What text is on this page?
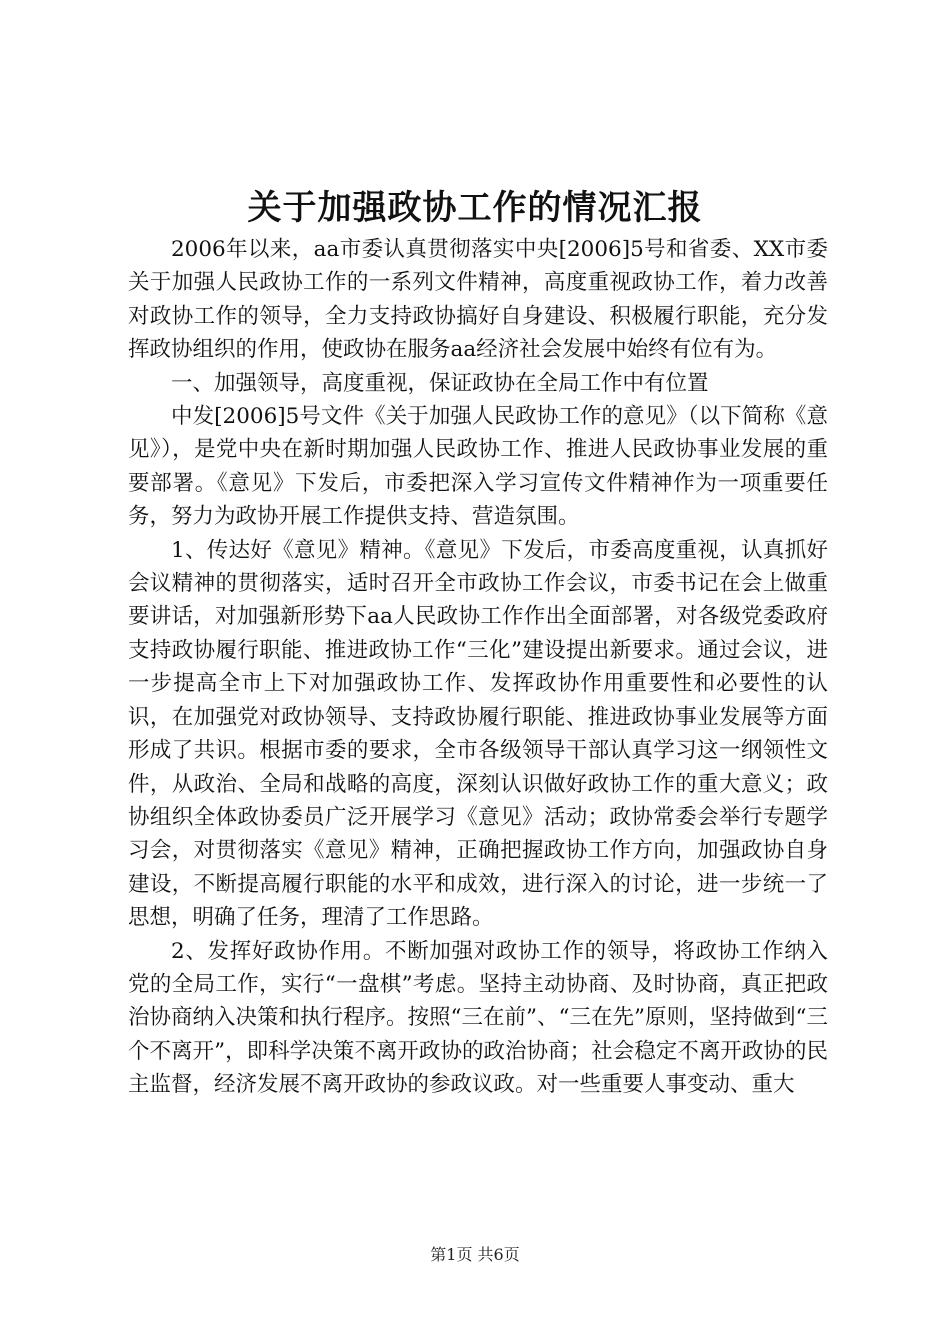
关于加强政协工作的情况汇报

2006年以来，aa市委认真贯彻落实中央[2006]5号和省委、XX市委关于加强人民政协工作的一系列文件精神，高度重视政协工作，着力改善对政协工作的领导，全力支持政协搞好自身建设、积极履行职能，充分发挥政协组织的作用，使政协在服务aa经济社会发展中始终有位有为。

一、加强领导，高度重视，保证政协在全局工作中有位置

中发[2006]5号文件《关于加强人民政协工作的意见》（以下简称《意见》），是党中央在新时期加强人民政协工作、推进人民政协事业发展的重要部署。《意见》下发后，市委把深入学习宣传文件精神作为一项重要任务，努力为政协开展工作提供支持、营造氛围。

1、传达好《意见》精神。《意见》下发后，市委高度重视，认真抓好会议精神的贯彻落实，适时召开全市政协工作会议，市委书记在会上做重要讲话，对加强新形势下aa人民政协工作作出全面部署，对各级党委政府支持政协履行职能、推进政协工作“三化”建设提出新要求。通过会议，进一步提高全市上下对加强政协工作、发挥政协作用重要性和必要性的认识，在加强党对政协领导、支持政协履行职能、推进政协事业发展等方面形成了共识。根据市委的要求，全市各级领导干部认真学习这一纲领性文件，从政治、全局和战略的高度，深刻认识做好政协工作的重大意义；政协组织全体政协委员广泛开展学习《意见》活动；政协常委会举行专题学习会，对贯彻落实《意见》精神，正确把握政协工作方向，加强政协自身建设，不断提高履行职能的水平和成效，进行深入的讨论，进一步统一了思想，明确了任务，理清了工作思路。

2、发挥好政协作用。不断加强对政协工作的领导，将政协工作纳入党的全局工作，实行“一盘棋”考虑。坚持主动协商、及时协商，真正把政治协商纳入决策和执行程序。按照“三在前”、“三在先”原则，坚持做到“三个不离开”，即科学决策不离开政协的政治协商；社会稳定不离开政协的民主监督，经济发展不离开政协的参政议政。对一些重要人事变动、重大

第1页 共6页
